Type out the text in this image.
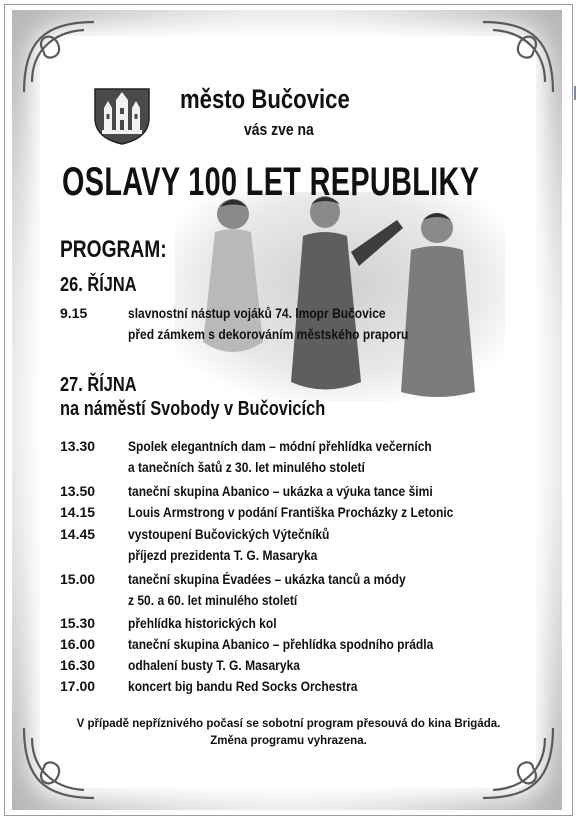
město Bučovice
vás zve na
OSLAVY 100 LET REPUBLIKY
PROGRAM:
26. ŘÍJNA
9.15	slavnostní nástup vojáků 74. lmopr Bučovice
před zámkem s dekorováním městského praporu
27. ŘÍJNA
na náměstí Svobody v Bučovicích
13.30 Spolek elegantních dam – módní přehlídka večerních
a tanečních šatů z 30. let minulého století
13.50 taneční skupina Abanico – ukázka a výuka tance šimi
14.15 Louis Armstrong v podání Františka Procházky z Letonic
14.45 vystoupení Bučovických Výtečníků
příjezd prezidenta T. G. Masaryka
15.00 taneční skupina Évadées – ukázka tanců a módy
z 50. a 60. let minulého století
15.30 přehlídka historických kol
16.00 taneční skupina Abanico – přehlídka spodního prádla
16.30 odhalení busty T. G. Masaryka
17.00 koncert big bandu Red Socks Orchestra
V případě nepříznivého počasí se sobotní program přesouvá do kina Brigáda.
Změna programu vyhrazena.
